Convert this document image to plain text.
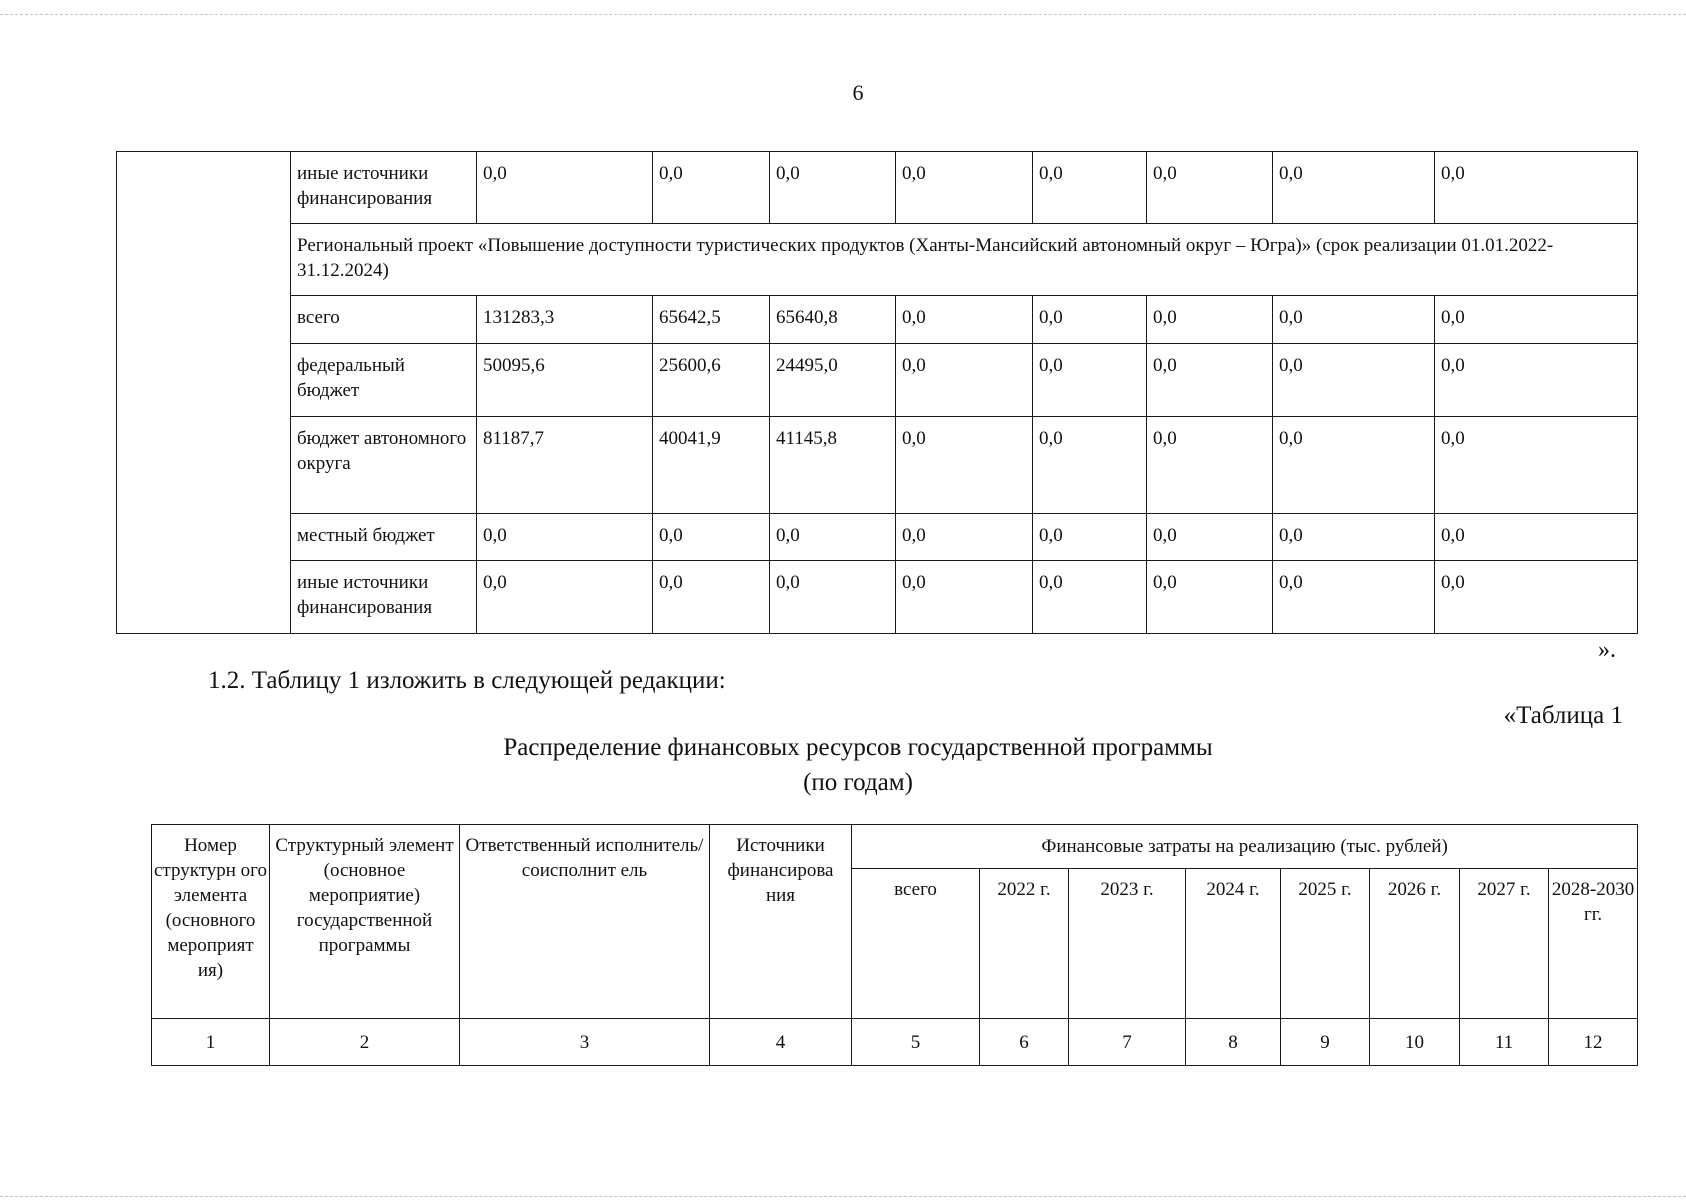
6
	иные источники финансирования	0,0	0,0	0,0	0,0	0,0	0,0	0,0	0,0
	Региональный проект «Повышение доступности туристических продуктов (Ханты-Мансийский автономный округ – Югра)» (срок реализации 01.01.2022-31.12.2024)								
	всего	131283,3	65642,5	65640,8	0,0	0,0	0,0	0,0	0,0
	федеральный бюджет	50095,6	25600,6	24495,0	0,0	0,0	0,0	0,0	0,0
	бюджет автономного округа	81187,7	40041,9	41145,8	0,0	0,0	0,0	0,0	0,0
	местный бюджет	0,0	0,0	0,0	0,0	0,0	0,0	0,0	0,0
	иные источники финансирования	0,0	0,0	0,0	0,0	0,0	0,0	0,0	0,0
».
1.2. Таблицу 1 изложить в следующей редакции:
«Таблица 1
Распределение финансовых ресурсов государственной программы
(по годам)
Номер структурн ого элемента (основного мероприят ия)	Структурный элемент (основное мероприятие) государственной программы	Ответственный исполнитель/соисполнит ель	Источники финансирова ния	Финансовые затраты на реализацию (тыс. рублей)							
				всего	2022 г.	2023 г.	2024 г.	2025 г.	2026 г.	2027 г.	2028-2030 гг.
1	2	3	4	5	6	7	8	9	10	11	12
